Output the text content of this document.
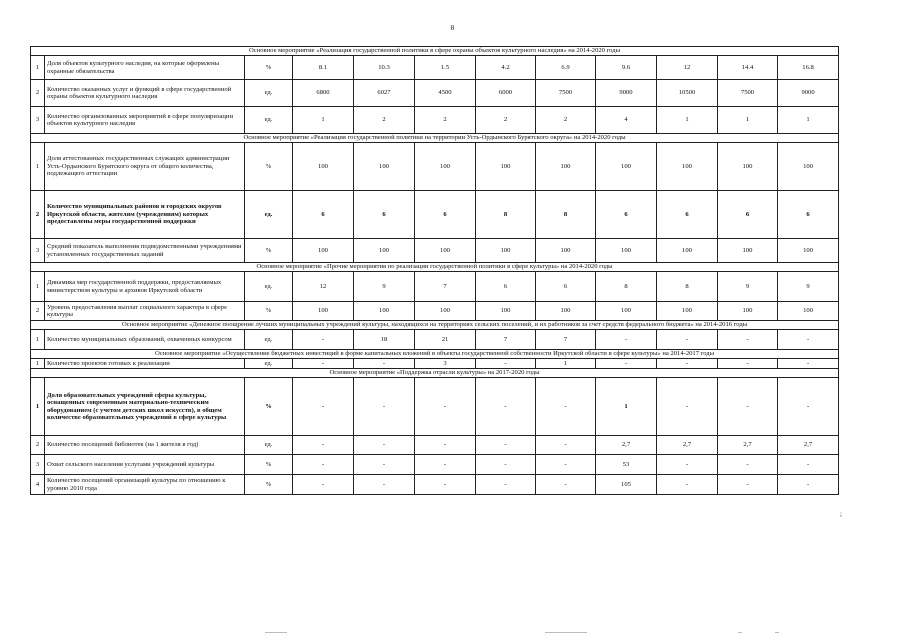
8
Основное мероприятие «Реализация государственной политики в сфере охраны объектов культурного наследия» на 2014-2020 годы											
1	Доля объектов культурного наследия, на которые оформлены охранные обязательства	%	8.1	10.3	1.5	4.2	6.9	9.6	12	14.4	16.8
2	Количество оказанных услуг и функций в сфере государственной охраны объектов культурного наследия	ед.	6800	6027	4500	6000	7500	9000	10500	7500	9000
3	Количество организованных мероприятий в сфере популяризации объектов культурного наследия	ед.	1	2	2	2	2	4	1	1	1
Основное мероприятие «Реализация государственной политики на территории Усть-Ордынского Бурятского округа» на 2014-2020 годы											
1	Доля аттестованных государственных служащих администрации Усть-Ордынского Бурятского округа от общего количества, подлежащего аттестации	%	100	100	100	100	100	100	100	100	100
2	Количество муниципальных районов и городских округов Иркутской области, жителям (учреждениям) которых предоставлены меры государственной поддержки	ед.	6	6	6	8	8	6	6	6	6
3	Средний показатель выполнения подведомственными учреждениями установленных государственных заданий	%	100	100	100	100	100	100	100	100	100
Основное мероприятие «Прочие мероприятия по реализации государственной политики в сфере культуры» на 2014-2020 годы											
1	Динамика мер государственной поддержки, предоставляемых министерством культуры и архивов Иркутской области	ед.	12	9	7	6	6	8	8	9	9
2	Уровень предоставления выплат социального характера в сфере культуры	%	100	100	100	100	100	100	100	100	100
Основное мероприятие «Денежное поощрение лучших муниципальных учреждений культуры, находящихся на территориях сельских поселений, и их работников за счет средств федерального бюджета» на 2014-2016 годы											
1	Количество муниципальных образований, охваченных конкурсом	ед.	-	18	21	7	7	-	-	-	-
Основное мероприятие «Осуществление бюджетных инвестиций в форме капитальных вложений в объекты государственной собственности Иркутской области в сфере культуры» на 2014-2017 годы											
1	Количество проектов готовых к реализации	ед.	-	-	3	-	1	-	-	-	-
Основное мероприятие «Поддержка отрасли культуры» на 2017-2020 годы											
1	Доля образовательных учреждений сферы культуры, оснащенных современным материально-техническим оборудованием (с учетом детских школ искусств), в общем количестве образовательных учреждений в сфере культуры	%	-	-	-	-	-	1	-	-	-
2	Количество посещений библиотек (на 1 жителя в год)	ед.	-	-	-	-	-	2,7	2,7	2,7	2,7
3	Охват сельского населения услугами учреждений культуры	%	-	-	-	-	-	53	-	-	-
4	Количество посещений организаций культуры по отношению к уровню 2010 года	%	-	-	-	-	-	105	-	-	-
;
